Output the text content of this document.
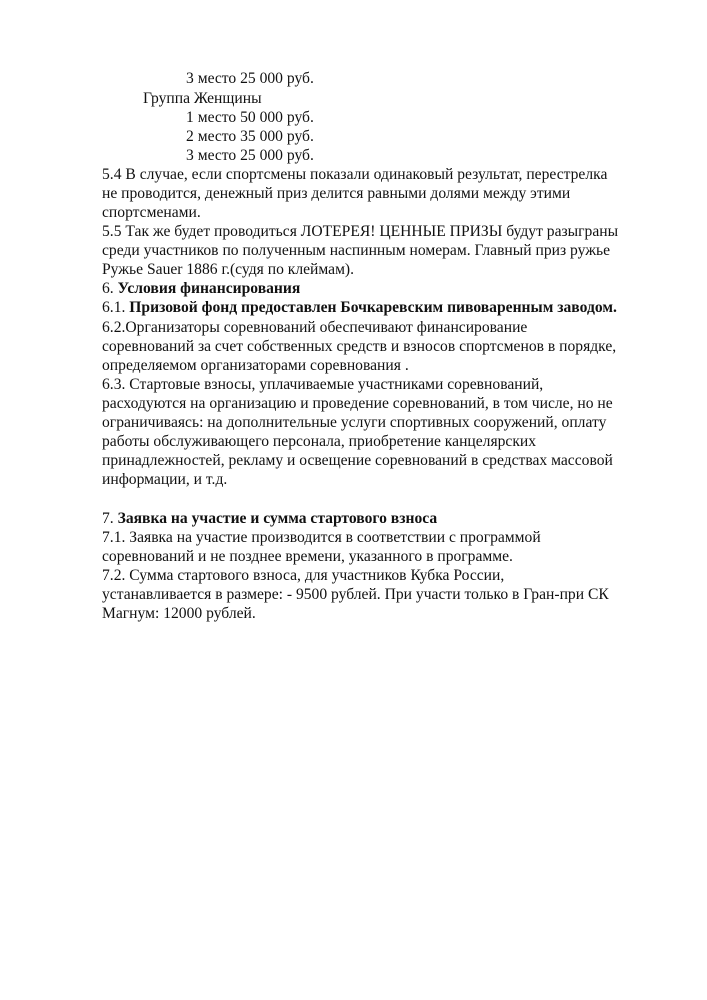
3 место 25 000 руб.
Группа Женщины
1 место 50 000 руб.
2 место 35 000 руб.
3 место 25 000 руб.
5.4 В случае, если спортсмены показали одинаковый результат, перестрелка
не проводится, денежный приз делится равными долями между этими
спортсменами.
5.5 Так же будет проводиться ЛОТЕРЕЯ! ЦЕННЫЕ ПРИЗЫ будут разыграны
среди участников по полученным наспинным номерам. Главный приз ружье
Ружье Sauer 1886 г.(судя по клеймам).
6. Условия финансирования
6.1. Призовой фонд предоставлен Бочкаревским пивоваренным заводом.
6.2.Организаторы соревнований обеспечивают финансирование
соревнований за счет собственных средств и взносов спортсменов в порядке,
определяемом организаторами соревнования .
6.3. Стартовые взносы, уплачиваемые участниками соревнований,
расходуются на организацию и проведение соревнований, в том числе, но не
ограничиваясь: на дополнительные услуги спортивных сооружений, оплату
работы обслуживающего персонала, приобретение канцелярских
принадлежностей, рекламу и освещение соревнований в средствах массовой
информации, и т.д.
7. Заявка на участие и сумма стартового взноса
7.1. Заявка на участие производится в соответствии с программой
соревнований и не позднее времени, указанного в программе.
7.2. Сумма стартового взноса, для участников Кубка России,
устанавливается в размере: - 9500 рублей. При участи только в Гран-при СК
Магнум: 12000 рублей.
